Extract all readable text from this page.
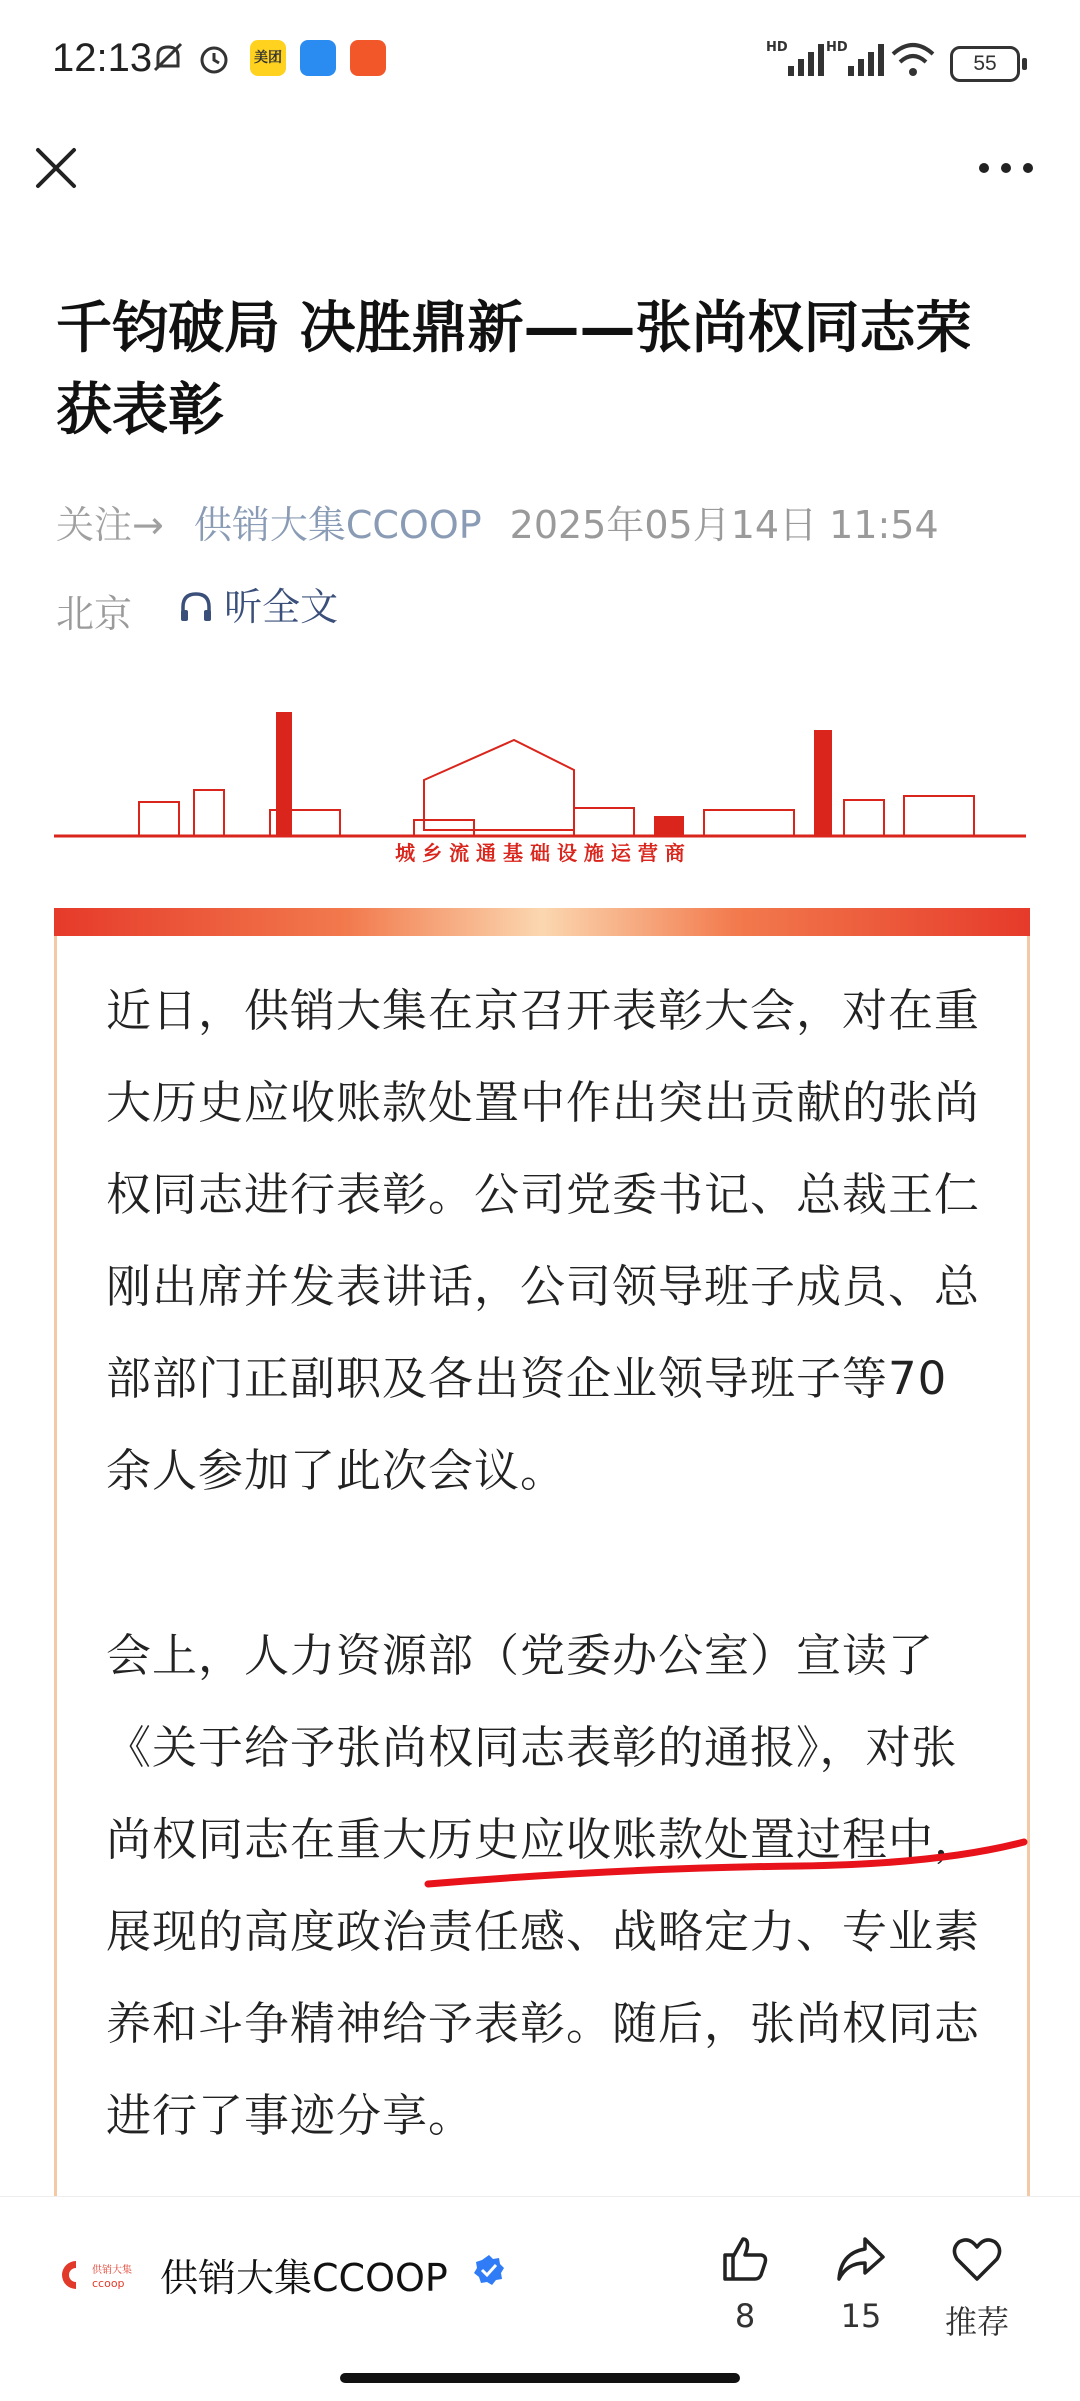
12:13	美团
HD	HD
55
千钧破局 决胜鼎新——张尚权同志荣获表彰
关注→ 供销大集CCOOP 2025年05月14日 11:54
北京 听全文
城 乡 流 通 基 础 设 施 运 营 商

近日，供销大集在京召开表彰大会，对在重大历史应收账款处置中作出突出贡献的张尚权同志进行表彰。公司党委书记、总裁王仁刚出席并发表讲话，公司领导班子成员、总部部门正副职及各出资企业领导班子等70余人参加了此次会议。

会上，人力资源部（党委办公室）宣读了《关于给予张尚权同志表彰的通报》，对张尚权同志在重大历史应收账款处置过程中，展现的高度政治责任感、战略定力、专业素养和斗争精神给予表彰。随后，张尚权同志进行了事迹分享。

供销大集
ccoop 供销大集CCOOP
8	15	推荐
